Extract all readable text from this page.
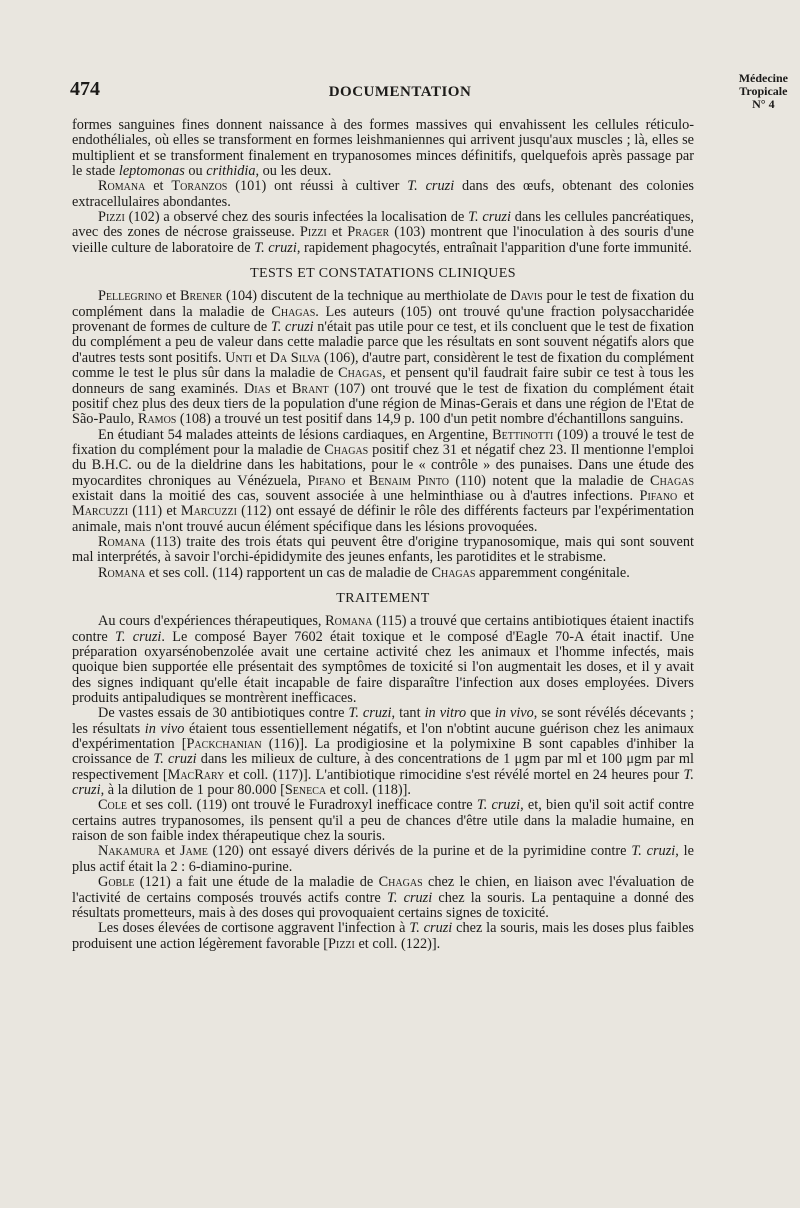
474	DOCUMENTATION
Médecine
Tropicale
N° 4

formes sanguines fines donnent naissance à des formes massives qui envahissent les cellules réticulo-endothéliales, où elles se transforment en formes leishmaniennes qui arrivent jusqu'aux muscles ; là, elles se multiplient et se transforment finalement en trypanosomes minces définitifs, quelquefois après passage par le stade leptomonas ou crithidia, ou les deux.

Romana et Toranzos (101) ont réussi à cultiver T. cruzi dans des œufs, obtenant des colonies extracellulaires abondantes.

Pizzi (102) a observé chez des souris infectées la localisation de T. cruzi dans les cellules pancréatiques, avec des zones de nécrose graisseuse. Pizzi et Prager (103) montrent que l'inoculation à des souris d'une vieille culture de laboratoire de T. cruzi, rapidement phagocytés, entraînait l'apparition d'une forte immunité.

TESTS ET CONSTATATIONS CLINIQUES

Pellegrino et Brener (104) discutent de la technique au merthiolate de Davis pour le test de fixation du complément dans la maladie de Chagas. Les auteurs (105) ont trouvé qu'une fraction polysaccharidée provenant de formes de culture de T. cruzi n'était pas utile pour ce test, et ils concluent que le test de fixation du complément a peu de valeur dans cette maladie parce que les résultats en sont souvent négatifs alors que d'autres tests sont positifs. Unti et Da Silva (106), d'autre part, considèrent le test de fixation du complément comme le test le plus sûr dans la maladie de Chagas, et pensent qu'il faudrait faire subir ce test à tous les donneurs de sang examinés. Dias et Brant (107) ont trouvé que le test de fixation du complément était positif chez plus des deux tiers de la population d'une région de Minas-Gerais et dans une région de l'Etat de São-Paulo, Ramos (108) a trouvé un test positif dans 14,9 p. 100 d'un petit nombre d'échantillons sanguins.

En étudiant 54 malades atteints de lésions cardiaques, en Argentine, Bettinotti (109) a trouvé le test de fixation du complément pour la maladie de Chagas positif chez 31 et négatif chez 23. Il mentionne l'emploi du B.H.C. ou de la dieldrine dans les habitations, pour le « contrôle » des punaises. Dans une étude des myocardites chroniques au Vénézuela, Pifano et Benaim Pinto (110) notent que la maladie de Chagas existait dans la moitié des cas, souvent associée à une helminthiase ou à d'autres infections. Pifano et Marcuzzi (111) et Marcuzzi (112) ont essayé de définir le rôle des différents facteurs par l'expérimentation animale, mais n'ont trouvé aucun élément spécifique dans les lésions provoquées.

Romana (113) traite des trois états qui peuvent être d'origine trypanosomique, mais qui sont souvent mal interprétés, à savoir l'orchi-épididymite des jeunes enfants, les parotidites et le strabisme.

Romana et ses coll. (114) rapportent un cas de maladie de Chagas apparemment congénitale.

TRAITEMENT

Au cours d'expériences thérapeutiques, Romana (115) a trouvé que certains antibiotiques étaient inactifs contre T. cruzi. Le composé Bayer 7602 était toxique et le composé d'Eagle 70-A était inactif. Une préparation oxyarsénobenzolée avait une certaine activité chez les animaux et l'homme infectés, mais quoique bien supportée elle présentait des symptômes de toxicité si l'on augmentait les doses, et il y avait des signes indiquant qu'elle était incapable de faire disparaître l'infection aux doses employées. Divers produits antipaludiques se montrèrent inefficaces.

De vastes essais de 30 antibiotiques contre T. cruzi, tant in vitro que in vivo, se sont révélés décevants ; les résultats in vivo étaient tous essentiellement négatifs, et l'on n'obtint aucune guérison chez les animaux d'expérimentation [Packchanian (116)]. La prodigiosine et la polymixine B sont capables d'inhiber la croissance de T. cruzi dans les milieux de culture, à des concentrations de 1 μgm par ml et 100 μgm par ml respectivement [MacRary et coll. (117)]. L'antibiotique rimocidine s'est révélé mortel en 24 heures pour T. cruzi, à la dilution de 1 pour 80.000 [Seneca et coll. (118)].

Cole et ses coll. (119) ont trouvé le Furadroxyl inefficace contre T. cruzi, et, bien qu'il soit actif contre certains autres trypanosomes, ils pensent qu'il a peu de chances d'être utile dans la maladie humaine, en raison de son faible index thérapeutique chez la souris.

Nakamura et Jame (120) ont essayé divers dérivés de la purine et de la pyrimidine contre T. cruzi, le plus actif était la 2 : 6-diamino-purine.

Goble (121) a fait une étude de la maladie de Chagas chez le chien, en liaison avec l'évaluation de l'activité de certains composés trouvés actifs contre T. cruzi chez la souris. La pentaquine a donné des résultats prometteurs, mais à des doses qui provoquaient certains signes de toxicité.

Les doses élevées de cortisone aggravent l'infection à T. cruzi chez la souris, mais les doses plus faibles produisent une action légèrement favorable [Pizzi et coll. (122)].
